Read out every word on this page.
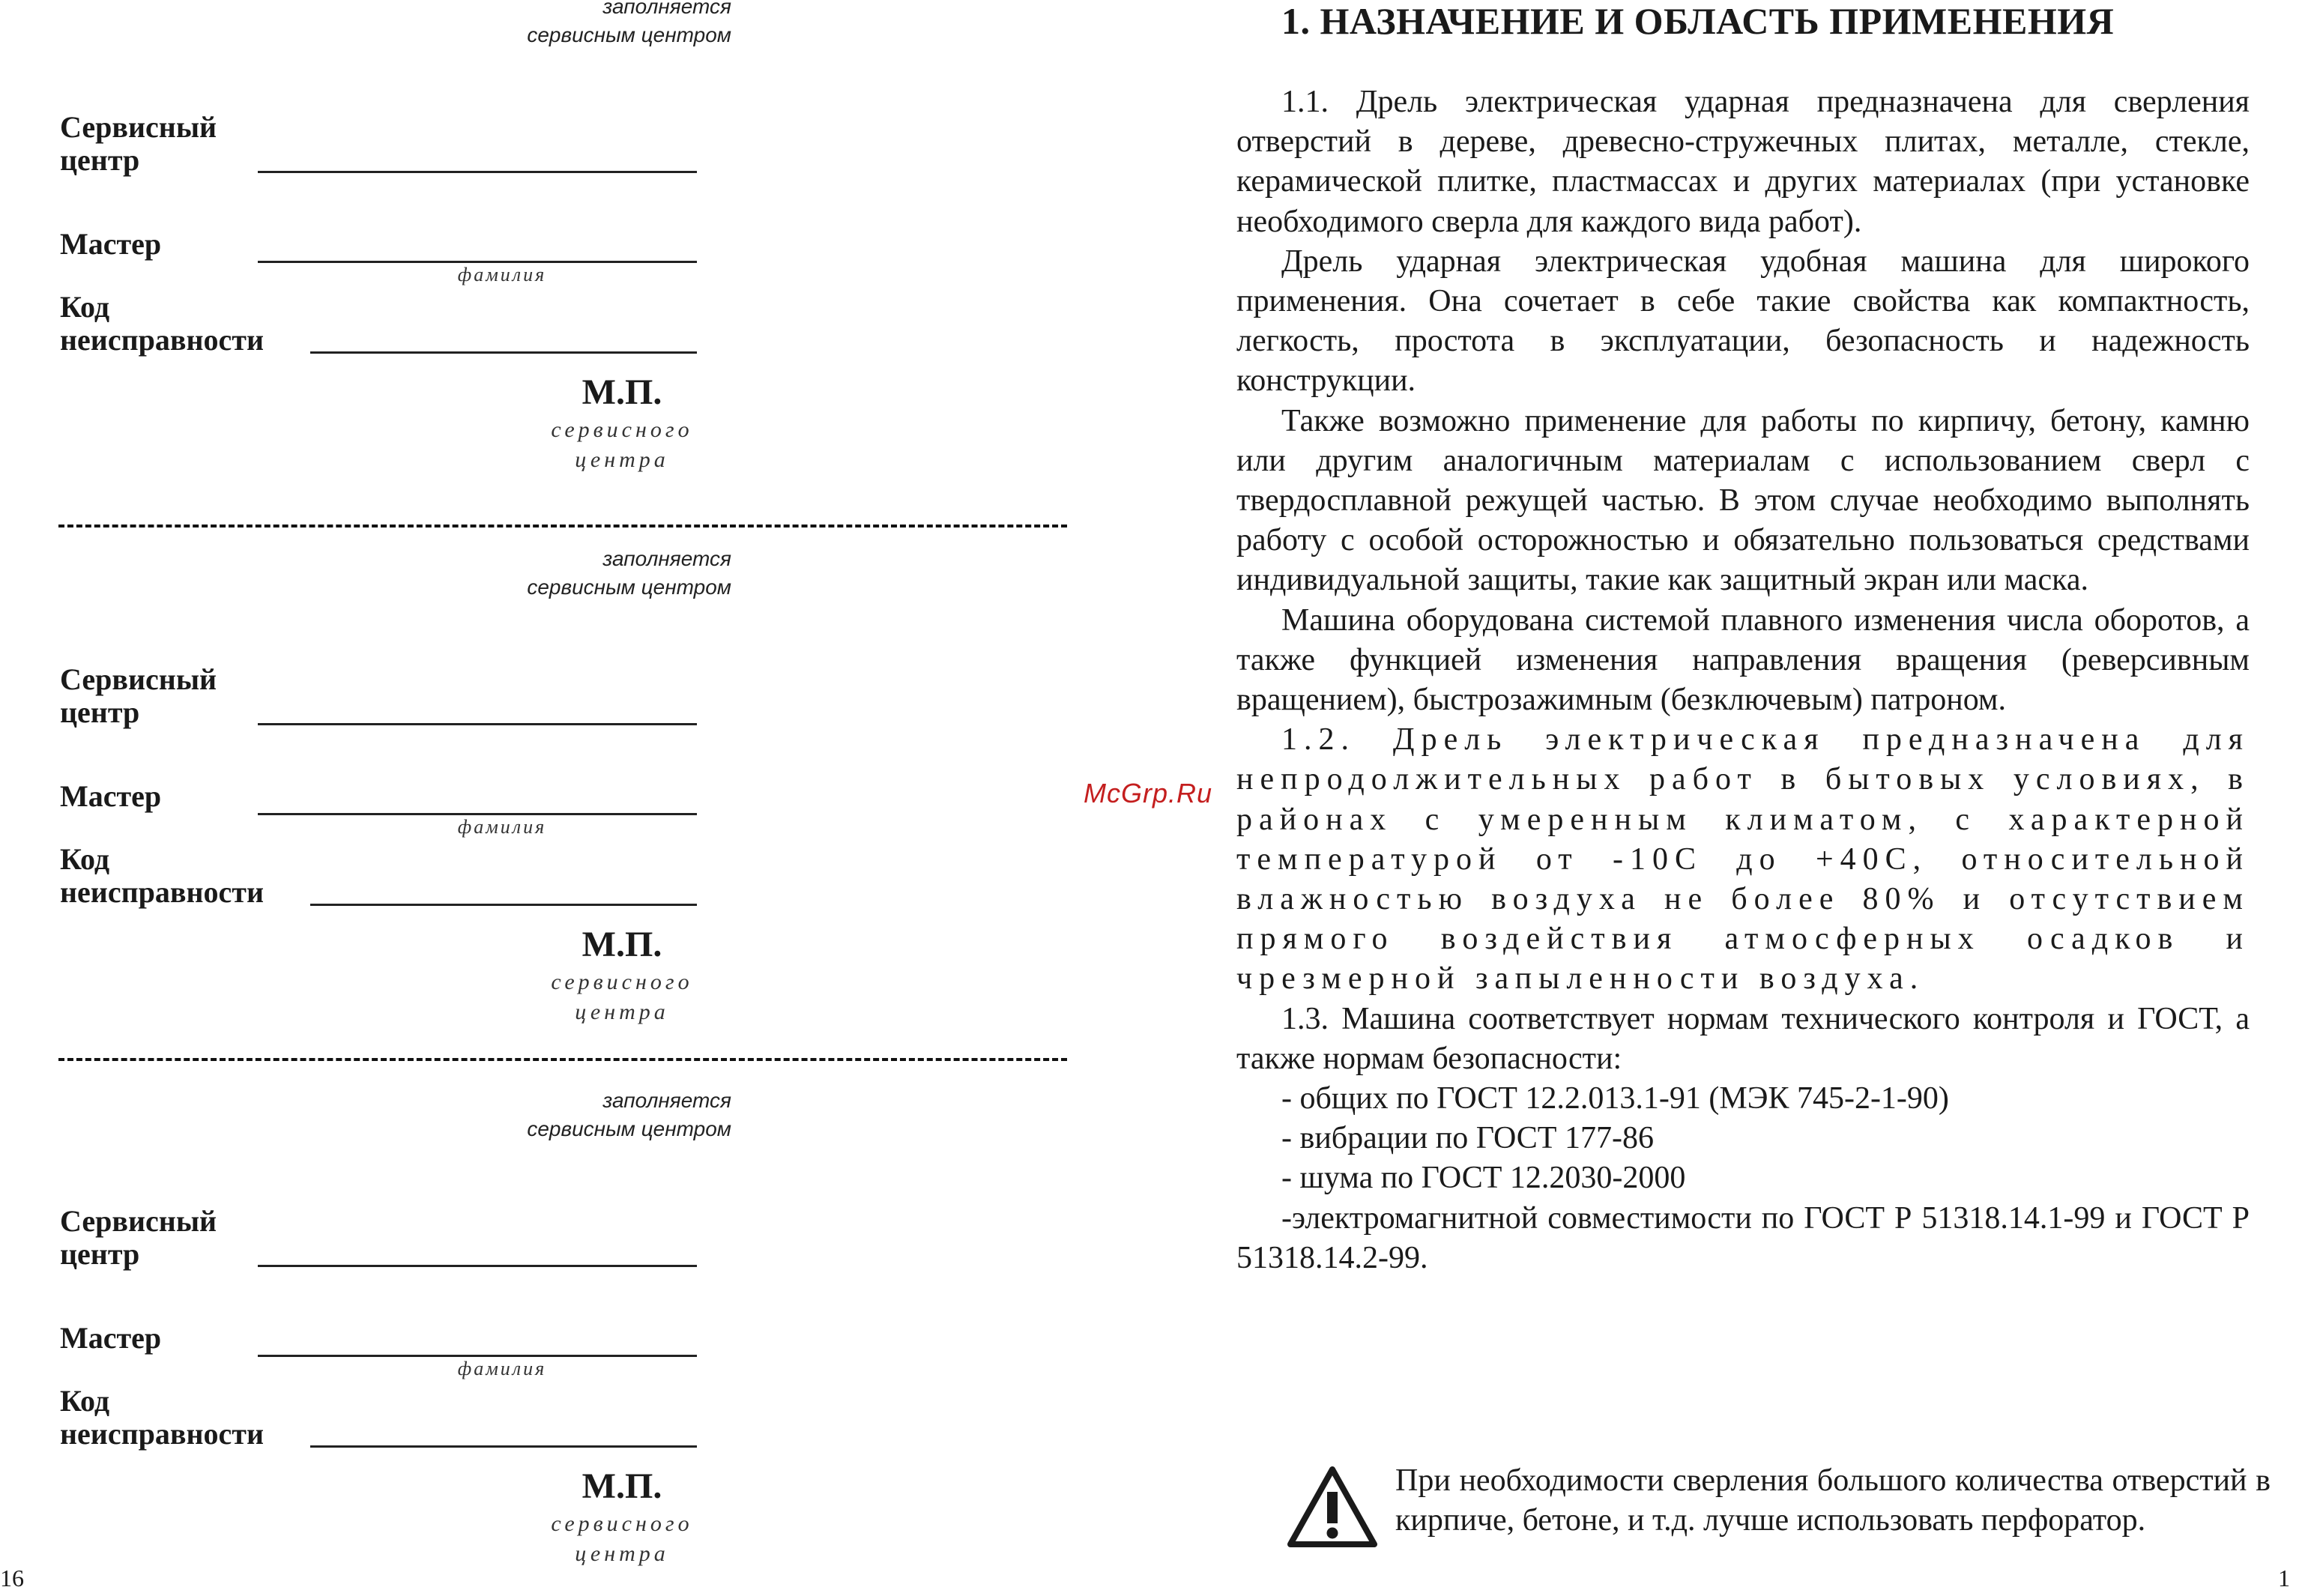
заполняется
сервисным центром
Сервисный
центр
Мастер
фамилия
Код
неисправности
М.П.
сервисного
центра
заполняется
сервисным центром
Сервисный
центр
Мастер
фамилия
Код
неисправности
М.П.
сервисного
центра
заполняется
сервисным центром
Сервисный
центр
Мастер
фамилия
Код
неисправности
М.П.
сервисного
центра
16
McGrp.Ru
1. НАЗНАЧЕНИЕ И ОБЛАСТЬ ПРИМЕНЕНИЯ

1.1. Дрель электрическая ударная предназначена для сверления отверстий в дереве, древесно-стружечных плитах, металле, стекле, керамической плитке, пластмассах и других материалах (при установке необходимого сверла для каждого вида работ).

Дрель ударная электрическая удобная машина для широкого применения. Она сочетает в себе такие свойства как компактность, легкость, простота в эксплуатации, безопасность и надежность конструкции.

Также возможно применение для работы по кирпичу, бетону, камню или другим аналогичным материалам с использованием сверл с твердосплавной режущей частью. В этом случае необходимо выполнять работу с особой осторожностью и обязательно пользоваться средствами индивидуальной защиты, такие как защитный экран или маска.

Машина оборудована системой плавного изменения числа оборотов, а также функцией изменения направления вращения (реверсивным вращением), быстрозажимным (безключевым) патроном.

1.2. Дрель электрическая предназначена для непродолжительных работ в бытовых условиях, в районах с умеренным климатом, с характерной температурой от -10С до +40С, относительной влажностью воздуха не более 80% и отсутствием прямого воздействия атмосферных осадков и чрезмерной запыленности воздуха.

1.3. Машина соответствует нормам технического контроля и ГОСТ, а также нормам безопасности:

- общих по ГОСТ 12.2.013.1-91 (МЭК 745-2-1-90)

- вибрации по ГОСТ 177-86

- шума по ГОСТ 12.2030-2000

-электромагнитной совместимости по ГОСТ Р 51318.14.1-99 и ГОСТ Р 51318.14.2-99.

При необходимости сверления большого количества отверстий в кирпиче, бетоне, и т.д. лучше использовать перфоратор.
1
